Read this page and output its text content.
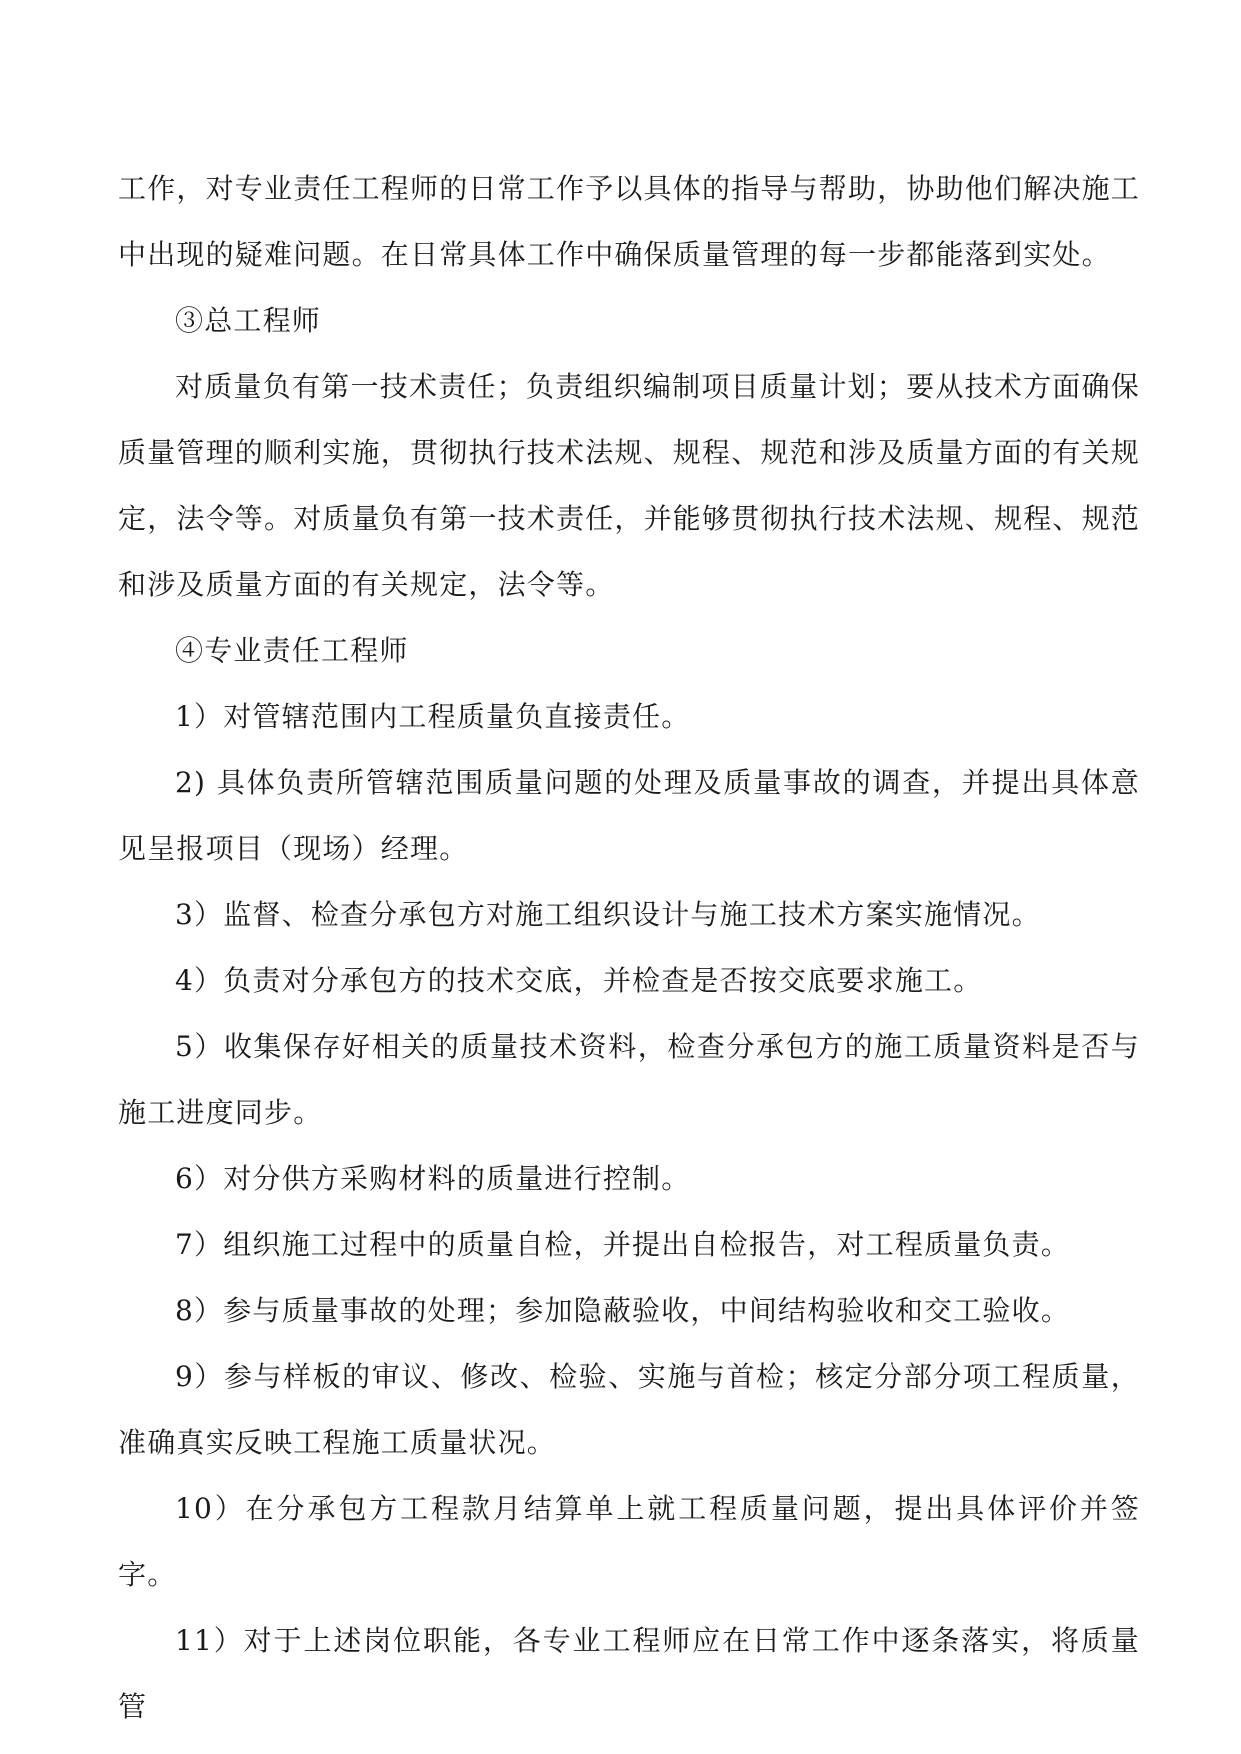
工作，对专业责任工程师的日常工作予以具体的指导与帮助，协助他们解决施工中出现的疑难问题。在日常具体工作中确保质量管理的每一步都能落到实处。

③总工程师

对质量负有第一技术责任；负责组织编制项目质量计划；要从技术方面确保质量管理的顺利实施，贯彻执行技术法规、规程、规范和涉及质量方面的有关规定，法令等。对质量负有第一技术责任，并能够贯彻执行技术法规、规程、规范和涉及质量方面的有关规定，法令等。

④专业责任工程师

1）对管辖范围内工程质量负直接责任。

2) 具体负责所管辖范围质量问题的处理及质量事故的调查，并提出具体意见呈报项目（现场）经理。

3）监督、检查分承包方对施工组织设计与施工技术方案实施情况。

4）负责对分承包方的技术交底，并检查是否按交底要求施工。

5）收集保存好相关的质量技术资料，检查分承包方的施工质量资料是否与施工进度同步。

6）对分供方采购材料的质量进行控制。

7）组织施工过程中的质量自检，并提出自检报告，对工程质量负责。

8）参与质量事故的处理；参加隐蔽验收，中间结构验收和交工验收。

9）参与样板的审议、修改、检验、实施与首检；核定分部分项工程质量，准确真实反映工程施工质量状况。

10）在分承包方工程款月结算单上就工程质量问题，提出具体评价并签字。

11）对于上述岗位职能，各专业工程师应在日常工作中逐条落实，将质量管
